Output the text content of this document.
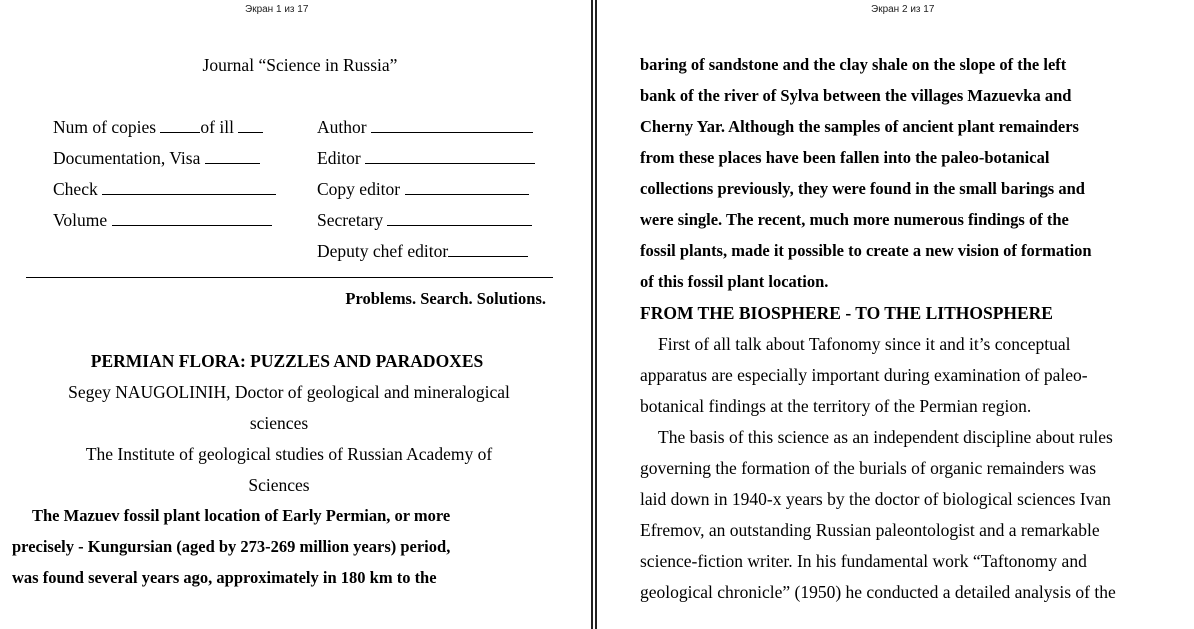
Экран 1 из 17
Journal “Science in Russia”
Num of copies	of ill
Documentation, Visa
Check
Volume
Author
Editor
Copy editor
Secretary
Deputy chef editor
Problems. Search. Solutions.
PERMIAN FLORA: PUZZLES AND PARADOXES
Segey NAUGOLINIH, Doctor of geological and mineralogical
sciences
The Institute of geological studies of Russian Academy of
Sciences
The Mazuev fossil plant location of Early Permian, or more
precisely - Kungursian (aged by 273-269 million years) period,
was found several years ago, approximately in 180 km to the
Экран 2 из 17
baring of sandstone and the clay shale on the slope of the left
bank of the river of Sylva between the villages Mazuevka and
Cherny Yar. Although the samples of ancient plant remainders
from these places have been fallen into the paleo-botanical
collections previously, they were found in the small barings and
were single. The recent, much more numerous findings of the
fossil plants, made it possible to create a new vision of formation
of this fossil plant location.
FROM THE BIOSPHERE - TO THE LITHOSPHERE
First of all talk about Tafonomy since it and it’s conceptual
apparatus are especially important during examination of paleo-
botanical findings at the territory of the Permian region.
The basis of this science as an independent discipline about rules
governing the formation of the burials of organic remainders was
laid down in 1940-x years by the doctor of biological sciences Ivan
Efremov, an outstanding Russian paleontologist and a remarkable
science-fiction writer. In his fundamental work “Taftonomy and
geological chronicle” (1950) he conducted a detailed analysis of the
